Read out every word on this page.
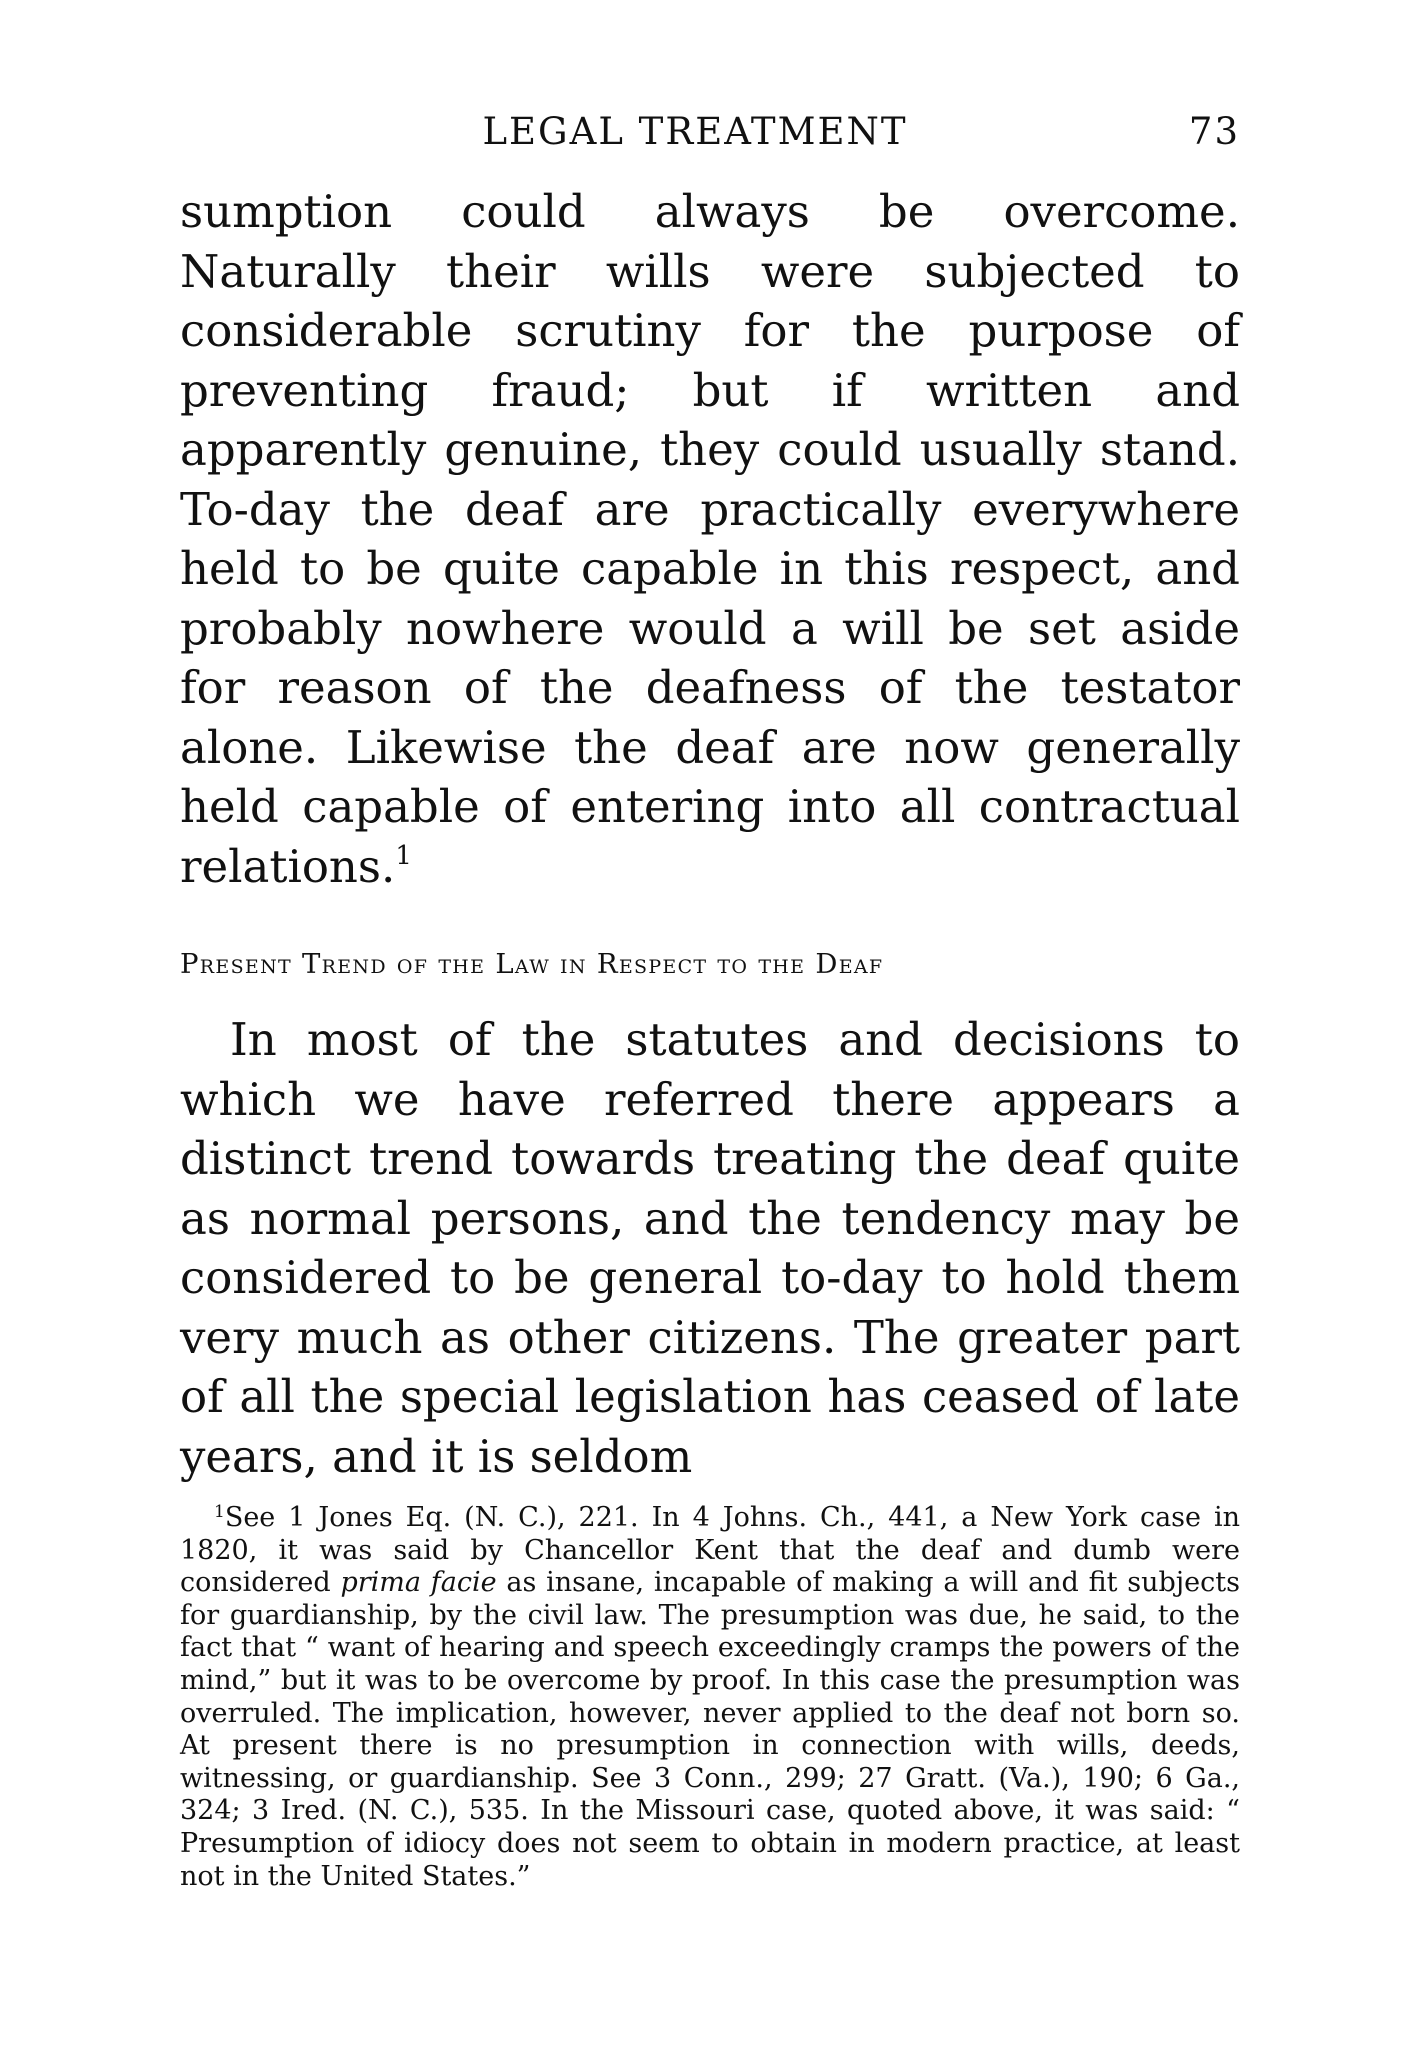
LEGAL TREATMENT	73

sumption could always be overcome. Naturally their wills were subjected to considerable scrutiny for the purpose of preventing fraud; but if written and apparently genuine, they could usually stand. To-day the deaf are practically everywhere held to be quite capable in this respect, and probably nowhere would a will be set aside for reason of the deafness of the testator alone. Likewise the deaf are now generally held capable of entering into all contractual relations.$^1$

Present Trend of the Law in Respect to the Deaf

In most of the statutes and decisions to which we have referred there appears a distinct trend towards treating the deaf quite as normal persons, and the tendency may be considered to be general to-day to hold them very much as other citizens. The greater part of all the special legislation has ceased of late years, and it is seldom

$^1$See 1 Jones Eq. (N. C.), 221. In 4 Johns. Ch., 441, a New York case in 1820, it was said by Chancellor Kent that the deaf and dumb were considered prima facie as insane, incapable of making a will and fit subjects for guardianship, by the civil law. The presumption was due, he said, to the fact that “ want of hearing and speech exceedingly cramps the powers of the mind,” but it was to be overcome by proof. In this case the presumption was overruled. The implication, however, never applied to the deaf not born so. At present there is no presumption in connection with wills, deeds, witnessing, or guardianship. See 3 Conn., 299; 27 Gratt. (Va.), 190; 6 Ga., 324; 3 Ired. (N. C.), 535. In the Missouri case, quoted above, it was said: “ Presumption of idiocy does not seem to obtain in modern practice, at least not in the United States.”
